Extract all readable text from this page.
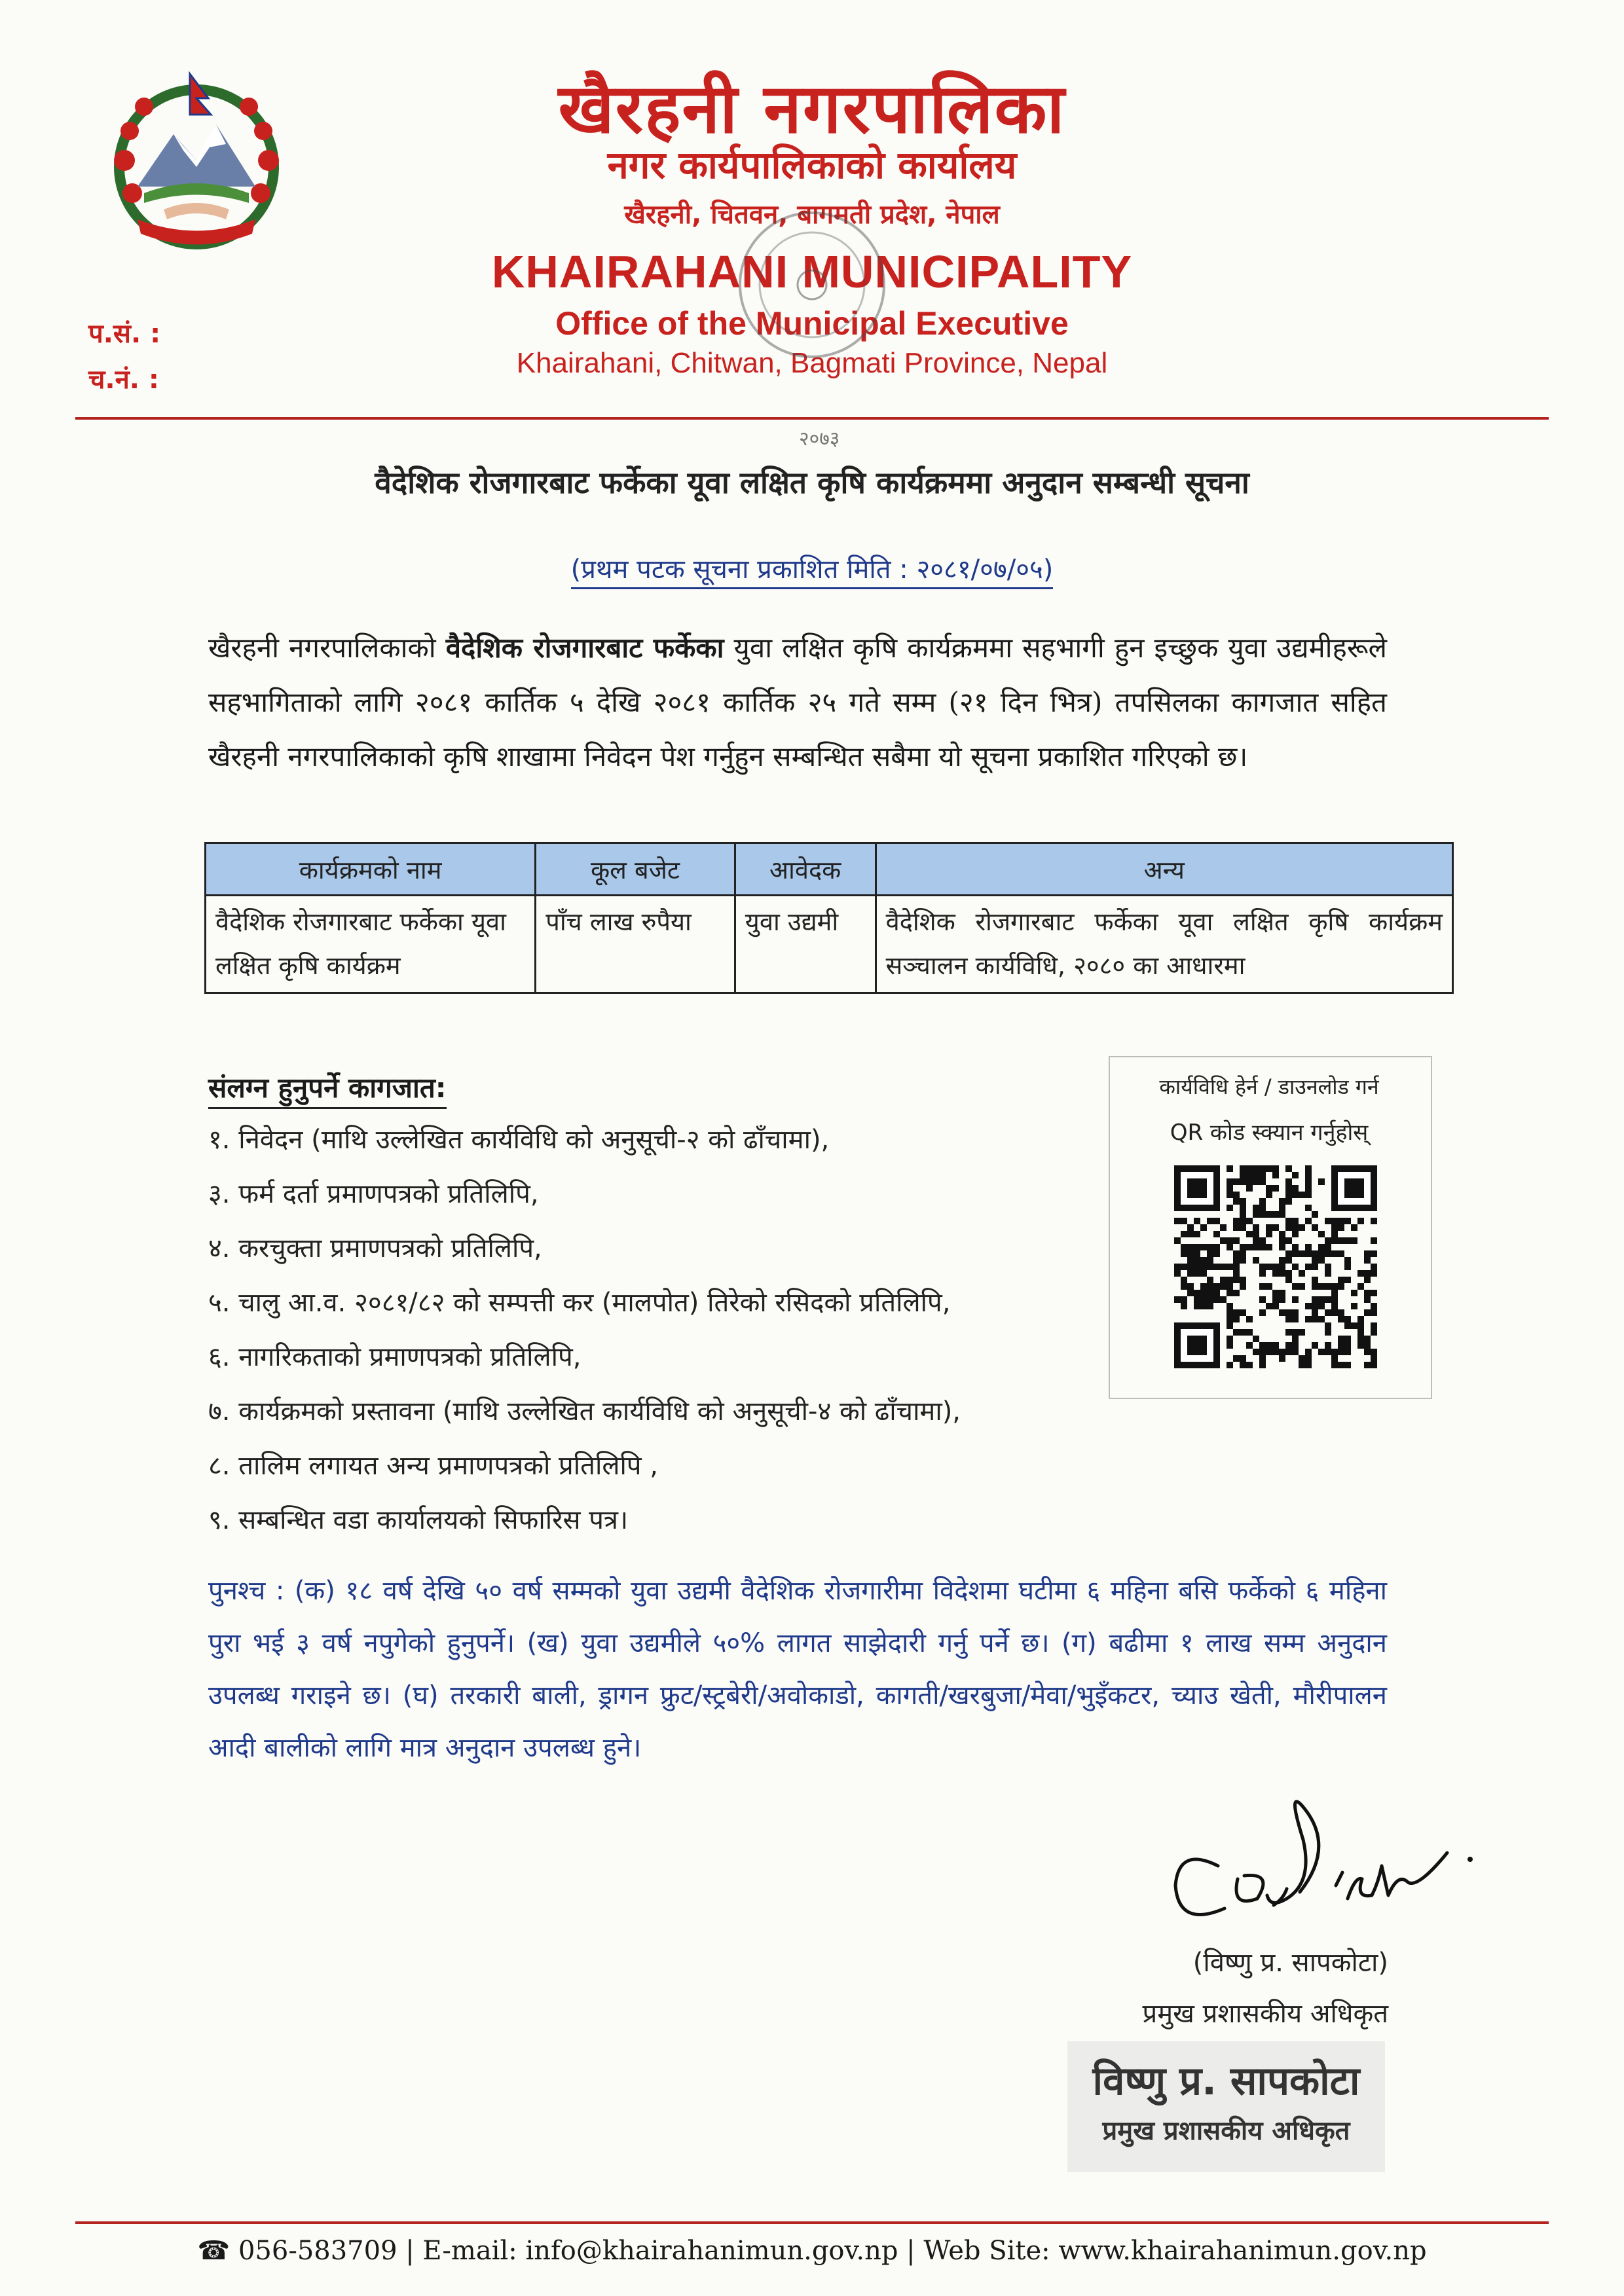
खैरहनी नगरपालिका
नगर कार्यपालिकाको कार्यालय
खैरहनी, चितवन, बागमती प्रदेश, नेपाल
KHAIRAHANI MUNICIPALITY
Office of the Municipal Executive
Khairahani, Chitwan, Bagmati Province, Nepal
प.सं. :
च.नं. :
२०७३
वैदेशिक रोजगारबाट फर्केका यूवा लक्षित कृषि कार्यक्रममा अनुदान सम्बन्धी सूचना
(प्रथम पटक सूचना प्रकाशित मिति : २०८१/०७/०५)
खैरहनी नगरपालिकाको वैदेशिक रोजगारबाट फर्केका युवा लक्षित कृषि कार्यक्रममा सहभागी हुन इच्छुक युवा उद्यमीहरूले सहभागिताको लागि २०८१ कार्तिक ५ देखि २०८१ कार्तिक २५ गते सम्म (२१ दिन भित्र) तपसिलका कागजात सहित खैरहनी नगरपालिकाको कृषि शाखामा निवेदन पेश गर्नुहुन सम्बन्धित सबैमा यो सूचना प्रकाशित गरिएको छ।
कार्यक्रमको नाम	कूल बजेट	आवेदक	अन्य
वैदेशिक रोजगारबाट फर्केका यूवा लक्षित कृषि कार्यक्रम	पाँच लाख रुपैया	युवा उद्यमी	वैदेशिक रोजगारबाट फर्केका यूवा लक्षित कृषि कार्यक्रम सञ्चालन कार्यविधि, २०८० का आधारमा
संलग्न हुनुपर्ने कागजात:
१. निवेदन (माथि उल्लेखित कार्यविधि को अनुसूची-२ को ढाँचामा),
३. फर्म दर्ता प्रमाणपत्रको प्रतिलिपि,
४. करचुक्ता प्रमाणपत्रको प्रतिलिपि,
५. चालु आ.व. २०८१/८२ को सम्पत्ती कर (मालपोत) तिरेको रसिदको प्रतिलिपि,
६. नागरिकताको प्रमाणपत्रको प्रतिलिपि,
७. कार्यक्रमको प्रस्तावना (माथि उल्लेखित कार्यविधि को अनुसूची-४ को ढाँचामा),
८. तालिम लगायत अन्य प्रमाणपत्रको प्रतिलिपि ,
९. सम्बन्धित वडा कार्यालयको सिफारिस पत्र।
कार्यविधि हेर्न / डाउनलोड गर्न
QR कोड स्क्यान गर्नुहोस्
पुनश्च : (क) १८ वर्ष देखि ५० वर्ष सम्मको युवा उद्यमी वैदेशिक रोजगारीमा विदेशमा घटीमा ६ महिना बसि फर्केको ६ महिना पुरा भई ३ वर्ष नपुगेको हुनुपर्ने। (ख) युवा उद्यमीले ५०% लागत साझेदारी गर्नु पर्ने छ। (ग) बढीमा १ लाख सम्म अनुदान उपलब्ध गराइने छ। (घ) तरकारी बाली, ड्रागन फ्रुट/स्ट्रबेरी/अवोकाडो, कागती/खरबुजा/मेवा/भुइँकटर, च्याउ खेती, मौरीपालन आदी बालीको लागि मात्र अनुदान उपलब्ध हुने।
(विष्णु प्र. सापकोटा)
प्रमुख प्रशासकीय अधिकृत
विष्णु प्र. सापकोटा
प्रमुख प्रशासकीय अधिकृत
☎ 056-583709 | E-mail: info@khairahanimun.gov.np | Web Site: www.khairahanimun.gov.np
